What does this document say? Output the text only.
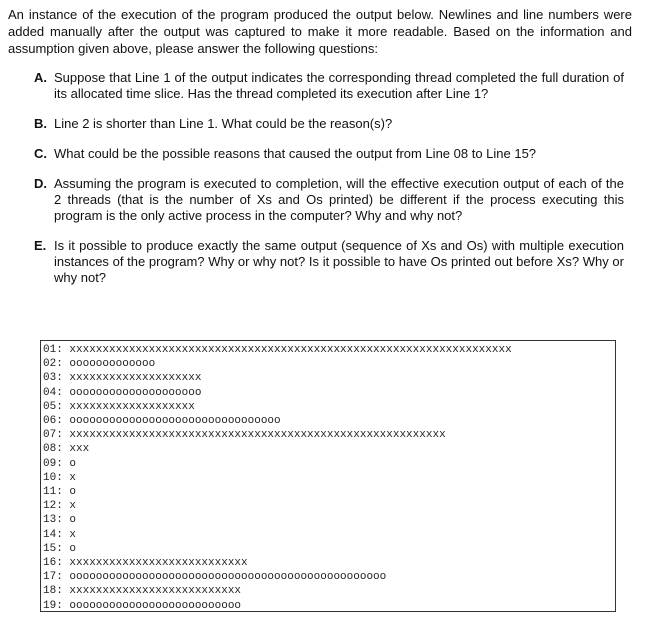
An instance of the execution of the program produced the output below. Newlines and line numbers were added manually after the output was captured to make it more readable. Based on the information and assumption given above, please answer the following questions:

A. Suppose that Line 1 of the output indicates the corresponding thread completed the full duration of its allocated time slice. Has the thread completed its execution after Line 1?
B. Line 2 is shorter than Line 1. What could be the reason(s)?
C. What could be the possible reasons that caused the output from Line 08 to Line 15?
D. Assuming the program is executed to completion, will the effective execution output of each of the 2 threads (that is the number of Xs and Os printed) be different if the process executing this program is the only active process in the computer? Why and why not?
E. Is it possible to produce exactly the same output (sequence of Xs and Os) with multiple execution instances of the program? Why or why not? Is it possible to have Os printed out before Xs? Why or why not?
01: xxxxxxxxxxxxxxxxxxxxxxxxxxxxxxxxxxxxxxxxxxxxxxxxxxxxxxxxxxxxxxxxxxx
02: ooooooooooooo
03: xxxxxxxxxxxxxxxxxxxx
04: oooooooooooooooooooo
05: xxxxxxxxxxxxxxxxxxx
06: oooooooooooooooooooooooooooooooo
07: xxxxxxxxxxxxxxxxxxxxxxxxxxxxxxxxxxxxxxxxxxxxxxxxxxxxxxxxx
08: xxx
09: o
10: x
11: o
12: x
13: o
14: x
15: o
16: xxxxxxxxxxxxxxxxxxxxxxxxxxx
17: oooooooooooooooooooooooooooooooooooooooooooooooo
18: xxxxxxxxxxxxxxxxxxxxxxxxxx
19: oooooooooooooooooooooooooo
